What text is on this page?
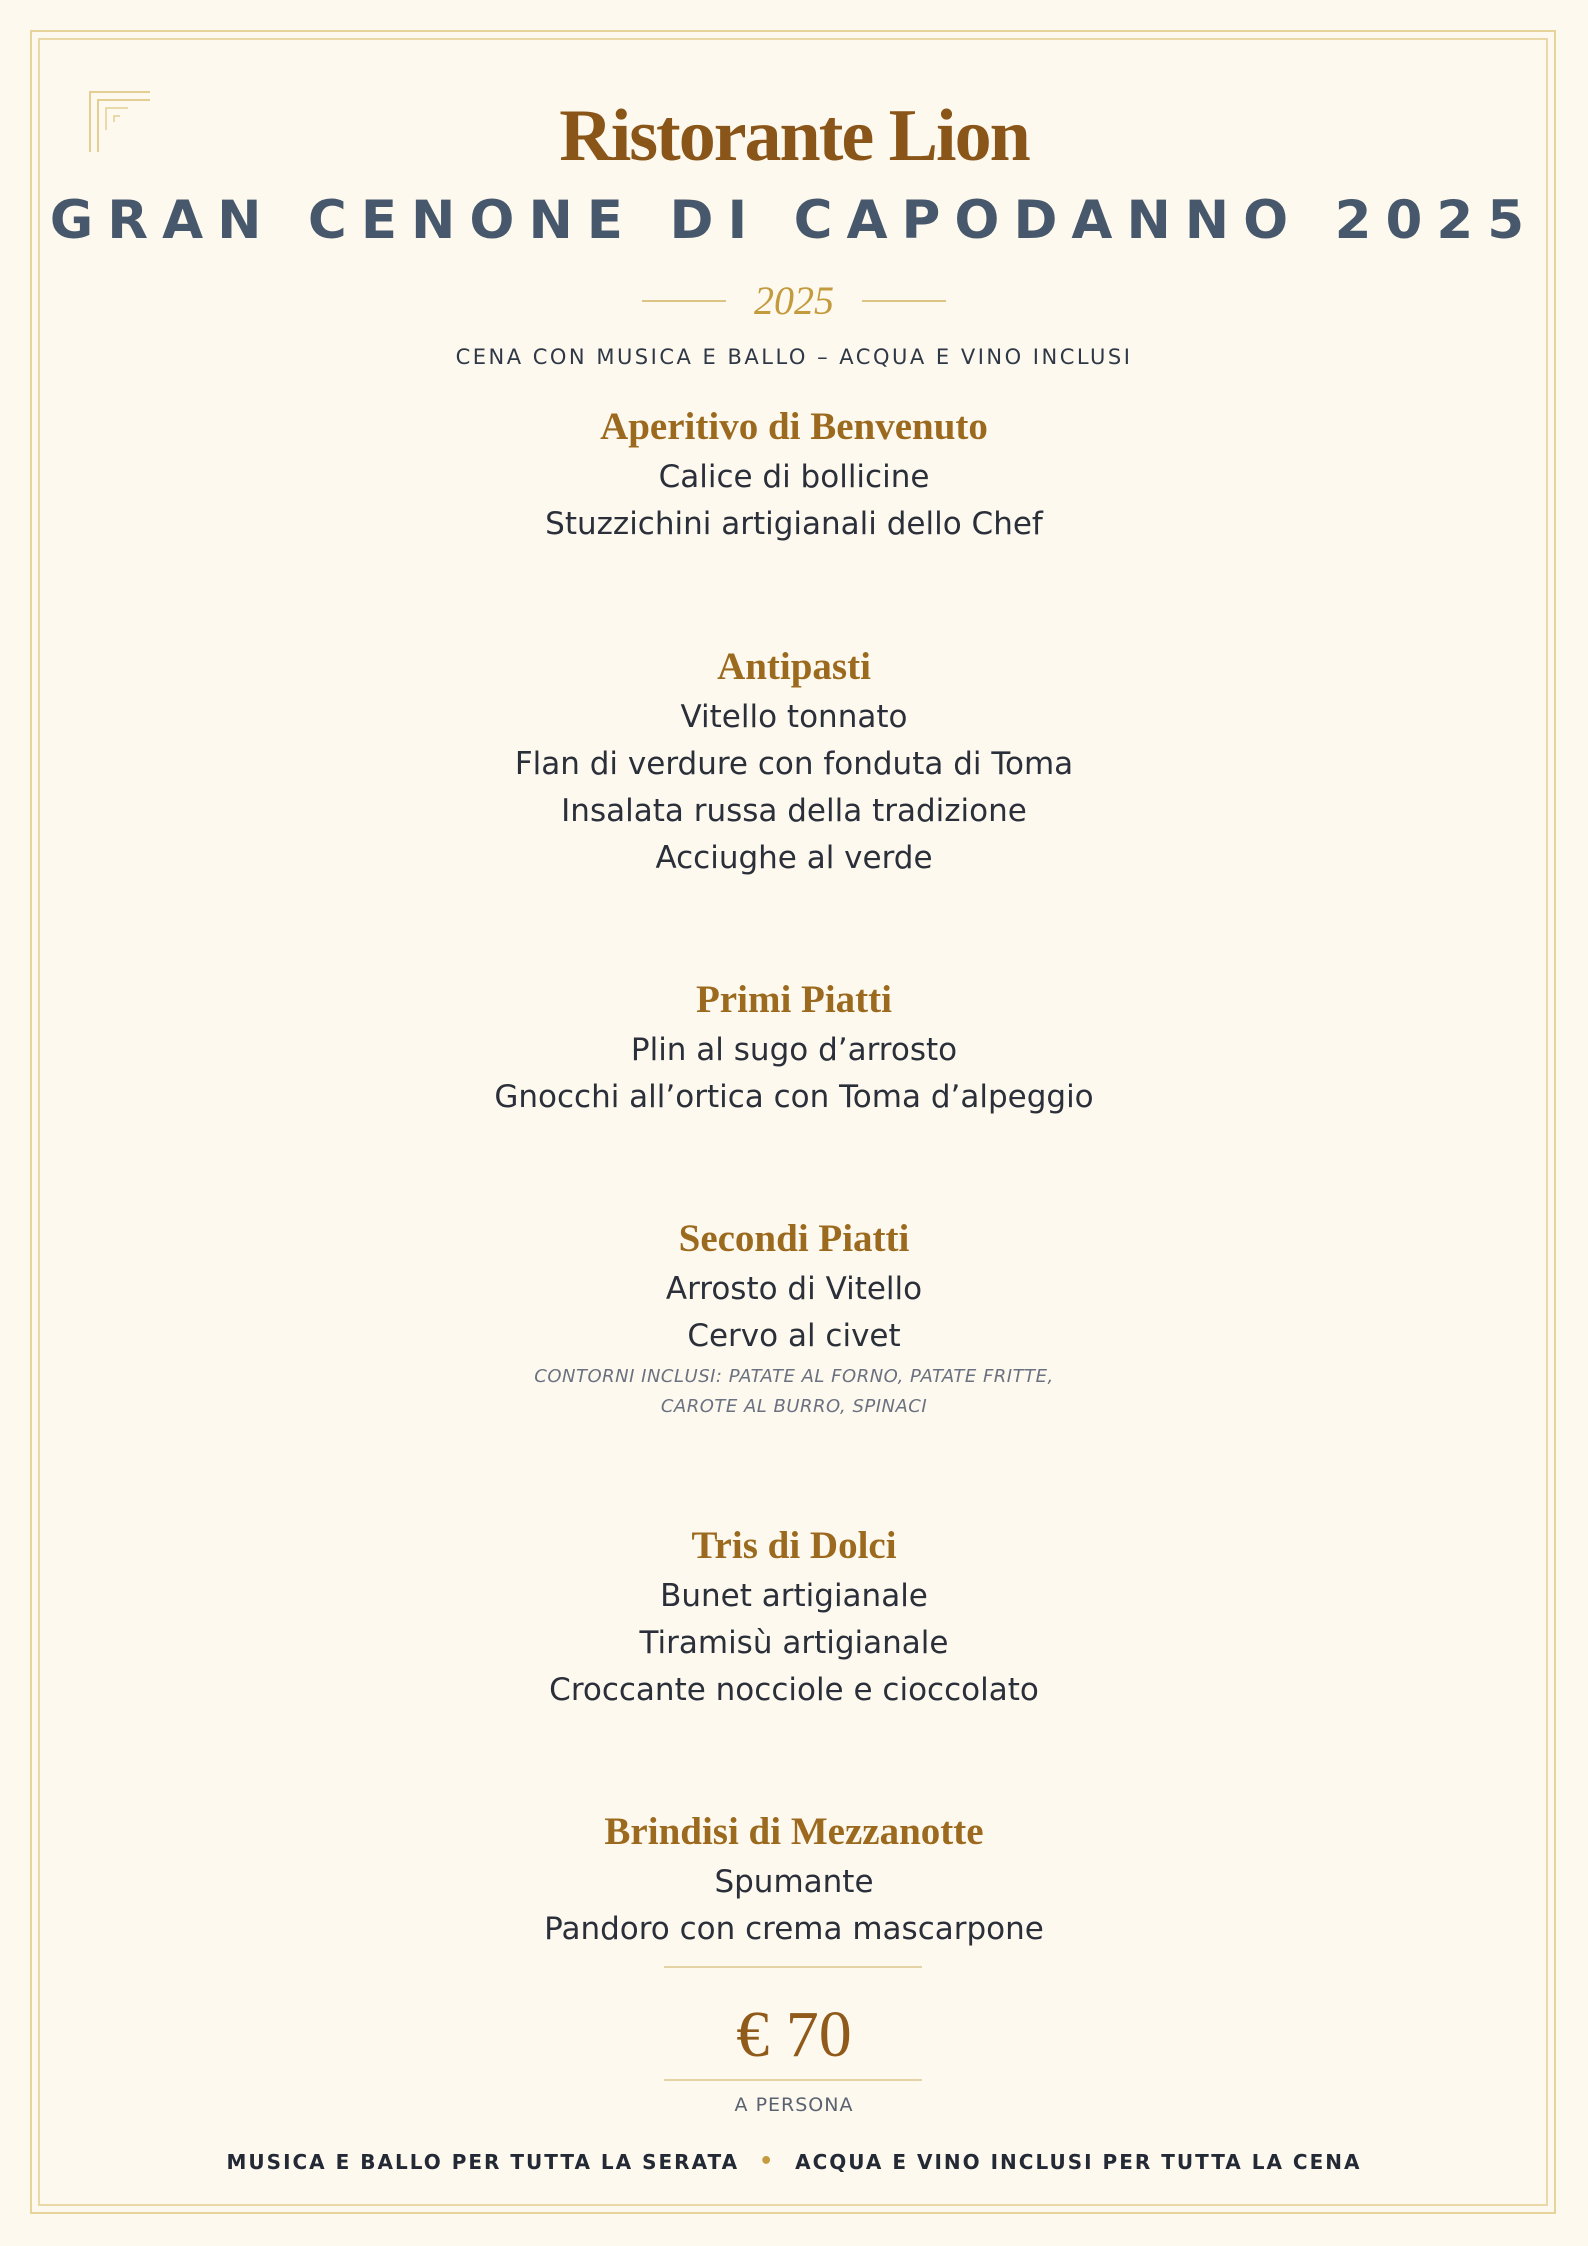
Ristorante Lion
GRAN CENONE DI CAPODANNO 2025
2025
CENA CON MUSICA E BALLO – ACQUA E VINO INCLUSI
Aperitivo di Benvenuto
Calice di bollicine
Stuzzichini artigianali dello Chef
Antipasti
Vitello tonnato
Flan di verdure con fonduta di Toma
Insalata russa della tradizione
Acciughe al verde
Primi Piatti
Plin al sugo d’arrosto
Gnocchi all’ortica con Toma d’alpeggio
Secondi Piatti
Arrosto di Vitello
Cervo al civet
CONTORNI INCLUSI: PATATE AL FORNO, PATATE FRITTE,
CAROTE AL BURRO, SPINACI
Tris di Dolci
Bunet artigianale
Tiramisù artigianale
Croccante nocciole e cioccolato
Brindisi di Mezzanotte
Spumante
Pandoro con crema mascarpone
€ 70
A PERSONA
MUSICA E BALLO PER TUTTA LA SERATA • ACQUA E VINO INCLUSI PER TUTTA LA CENA
